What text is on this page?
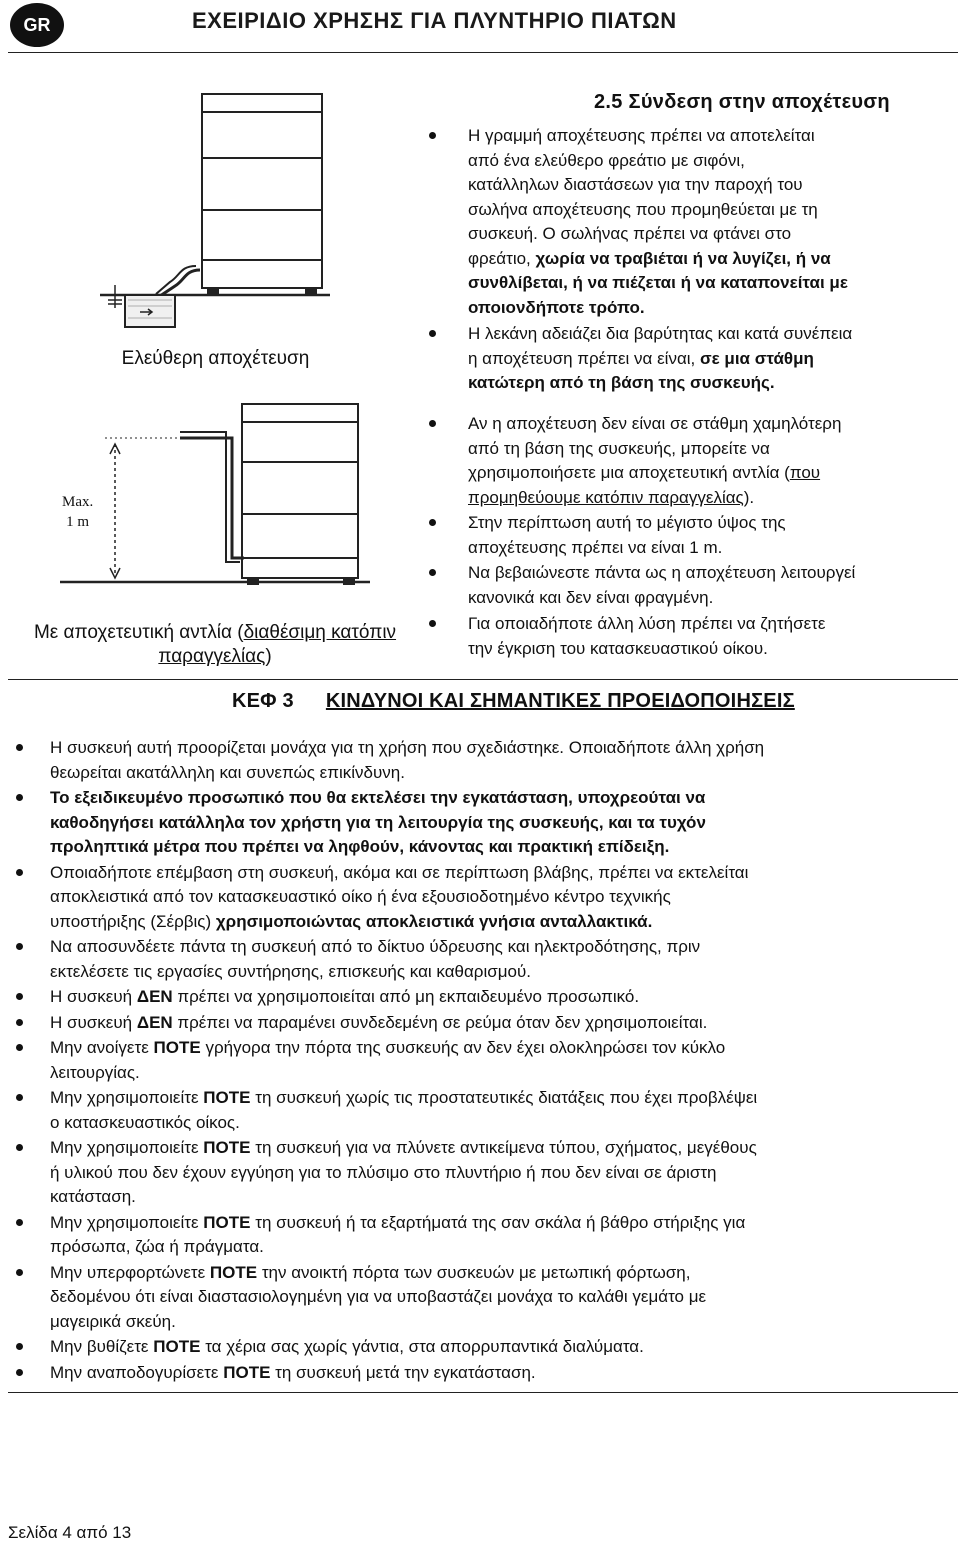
GR	ΕΧΕΙΡΙΔΙΟ ΧΡΗΣΗΣ ΓΙΑ ΠΛΥΝΤΗΡΙΟ ΠΙΑΤΩΝ
Ελεύθερη αποχέτευση
Max.
1 m
Με αποχετευτική αντλία (διαθέσιμη κατόπιν
παραγγελίας)
2.5 Σύνδεση στην αποχέτευση
Η γραμμή αποχέτευσης πρέπει να αποτελείται
από ένα ελεύθερο φρεάτιο με σιφόνι,
κατάλληλων διαστάσεων για την παροχή του
σωλήνα αποχέτευσης που προμηθεύεται με τη
συσκευή. Ο σωλήνας πρέπει να φτάνει στο
φρεάτιο, χωρία να τραβιέται ή να λυγίζει, ή να
συνθλίβεται, ή να πιέζεται ή να καταπονείται με
οποιονδήποτε τρόπο.
Η λεκάνη αδειάζει δια βαρύτητας και κατά συνέπεια
η αποχέτευση πρέπει να είναι, σε μια στάθμη
κατώτερη από τη βάση της συσκευής.
Αν η αποχέτευση δεν είναι σε στάθμη χαμηλότερη
από τη βάση της συσκευής, μπορείτε να
χρησιμοποιήσετε μια αποχετευτική αντλία (που
προμηθεύουμε κατόπιν παραγγελίας).
Στην περίπτωση αυτή το μέγιστο ύψος της
αποχέτευσης πρέπει να είναι 1 m.
Να βεβαιώνεστε πάντα ως η αποχέτευση λειτουργεί
κανονικά και δεν είναι φραγμένη.
Για οποιαδήποτε άλλη λύση πρέπει να ζητήσετε
την έγκριση του κατασκευαστικού οίκου.
ΚΕΦ 3 ΚΙΝΔΥΝΟΙ ΚΑΙ ΣΗΜΑΝΤΙΚΕΣ ΠΡΟΕΙΔΟΠΟΙΗΣΕΙΣ
Η συσκευή αυτή προορίζεται μονάχα για τη χρήση που σχεδιάστηκε. Οποιαδήποτε άλλη χρήση
θεωρείται ακατάλληλη και συνεπώς επικίνδυνη.
Το εξειδικευμένο προσωπικό που θα εκτελέσει την εγκατάσταση, υποχρεούται να
καθοδηγήσει κατάλληλα τον χρήστη για τη λειτουργία της συσκευής, και τα τυχόν
προληπτικά μέτρα που πρέπει να ληφθούν, κάνοντας και πρακτική επίδειξη.
Οποιαδήποτε επέμβαση στη συσκευή, ακόμα και σε περίπτωση βλάβης, πρέπει να εκτελείται
αποκλειστικά από τον κατασκευαστικό οίκο ή ένα εξουσιοδοτημένο κέντρο τεχνικής
υποστήριξης (Σέρβις) χρησιμοποιώντας αποκλειστικά γνήσια ανταλλακτικά.
Να αποσυνδέετε πάντα τη συσκευή από το δίκτυο ύδρευσης και ηλεκτροδότησης, πριν
εκτελέσετε τις εργασίες συντήρησης, επισκευής και καθαρισμού.
Η συσκευή ΔΕΝ πρέπει να χρησιμοποιείται από μη εκπαιδευμένο προσωπικό.
Η συσκευή ΔΕΝ πρέπει να παραμένει συνδεδεμένη σε ρεύμα όταν δεν χρησιμοποιείται.
Μην ανοίγετε ΠΟΤΕ γρήγορα την πόρτα της συσκευής αν δεν έχει ολοκληρώσει τον κύκλο
λειτουργίας.
Μην χρησιμοποιείτε ΠΟΤΕ τη συσκευή χωρίς τις προστατευτικές διατάξεις που έχει προβλέψει
ο κατασκευαστικός οίκος.
Μην χρησιμοποιείτε ΠΟΤΕ τη συσκευή για να πλύνετε αντικείμενα τύπου, σχήματος, μεγέθους
ή υλικού που δεν έχουν εγγύηση για το πλύσιμο στο πλυντήριο ή που δεν είναι σε άριστη
κατάσταση.
Μην χρησιμοποιείτε ΠΟΤΕ τη συσκευή ή τα εξαρτήματά της σαν σκάλα ή βάθρο στήριξης για
πρόσωπα, ζώα ή πράγματα.
Μην υπερφορτώνετε ΠΟΤΕ την ανοικτή πόρτα των συσκευών με μετωπική φόρτωση,
δεδομένου ότι είναι διαστασιολογημένη για να υποβαστάζει μονάχα το καλάθι γεμάτο με
μαγειρικά σκεύη.
Μην βυθίζετε ΠΟΤΕ τα χέρια σας χωρίς γάντια, στα απορρυπαντικά διαλύματα.
Μην αναποδογυρίσετε ΠΟΤΕ τη συσκευή μετά την εγκατάσταση.
Σελίδα 4 από 13
